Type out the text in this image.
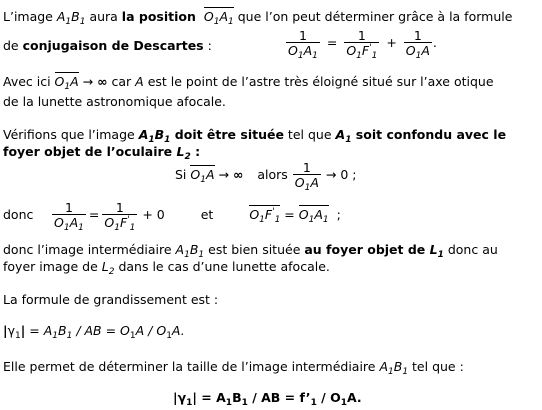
L’image $A_1B_1$ aura la position $O_1A_1$ que l’on peut déterminer grâce à la formule
de conjugaison de Descartes :	$\frac{1}{O_1A_1} = \frac{1}{O_1F'_1} + \frac{1}{O_1A}$ .
Avec ici $O_1A$ → ∞ car A est le point de l’astre très éloigné situé sur l’axe otique
de la lunette astronomique afocale.
Vérifions que l’image $A_1B_1$ doit être située tel que $A_1$ soit confondu avec le
foyer objet de l’oculaire $L_2$ :
Si $O_1A$ → ∞ alors $\frac{1}{O_1A} \to 0$ ;
donc $\frac{1}{O_1A_1} = \frac{1}{O_1F'_1} + 0$	et	$O_1F'_1 = O_1A_1$ ;
donc l’image intermédiaire $A_1B_1$ est bien située au foyer objet de $L_1$ donc au
foyer image de $L_2$ dans le cas d’une lunette afocale.
La formule de grandissement est :
$|\gamma_1| = A_1B_1$ / AB = $O_1A / O_1A$.
Elle permet de déterminer la taille de l’image intermédiaire $A_1B_1$ tel que :
$|\gamma_1| = A_1B_1$ / AB = $f’_1 / O_1A$.
